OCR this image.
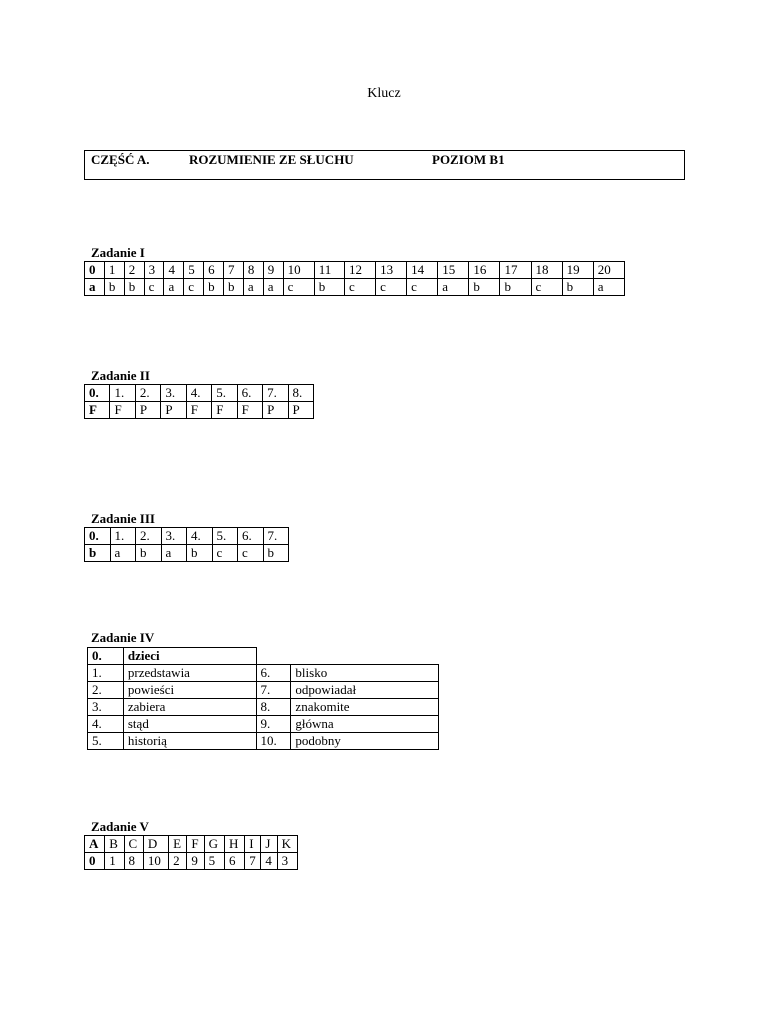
Klucz
CZĘŚĆ A.	ROZUMIENIE ZE SŁUCHU	POZIOM B1
Zadanie I
0	1	2	3	4	5	6	7	8	9	10	11	12	13	14	15	16	17	18	19	20
a	b	b	c	a	c	b	b	a	a	c	b	c	c	c	a	b	b	c	b	a
Zadanie II
0.	1.	2.	3.	4.	5.	6.	7.	8.
F	F	P	P	F	F	F	P	P
Zadanie III
0.	1.	2.	3.	4.	5.	6.	7.
b	a	b	a	b	c	c	b
Zadanie IV
0.	dzieci		
1.	przedstawia	6.	blisko
2.	powieści	7.	odpowiadał
3.	zabiera	8.	znakomite
4.	stąd	9.	główna
5.	historią	10.	podobny
Zadanie V
A	B	C	D	E	F	G	H	I	J	K
0	1	8	10	2	9	5	6	7	4	3
